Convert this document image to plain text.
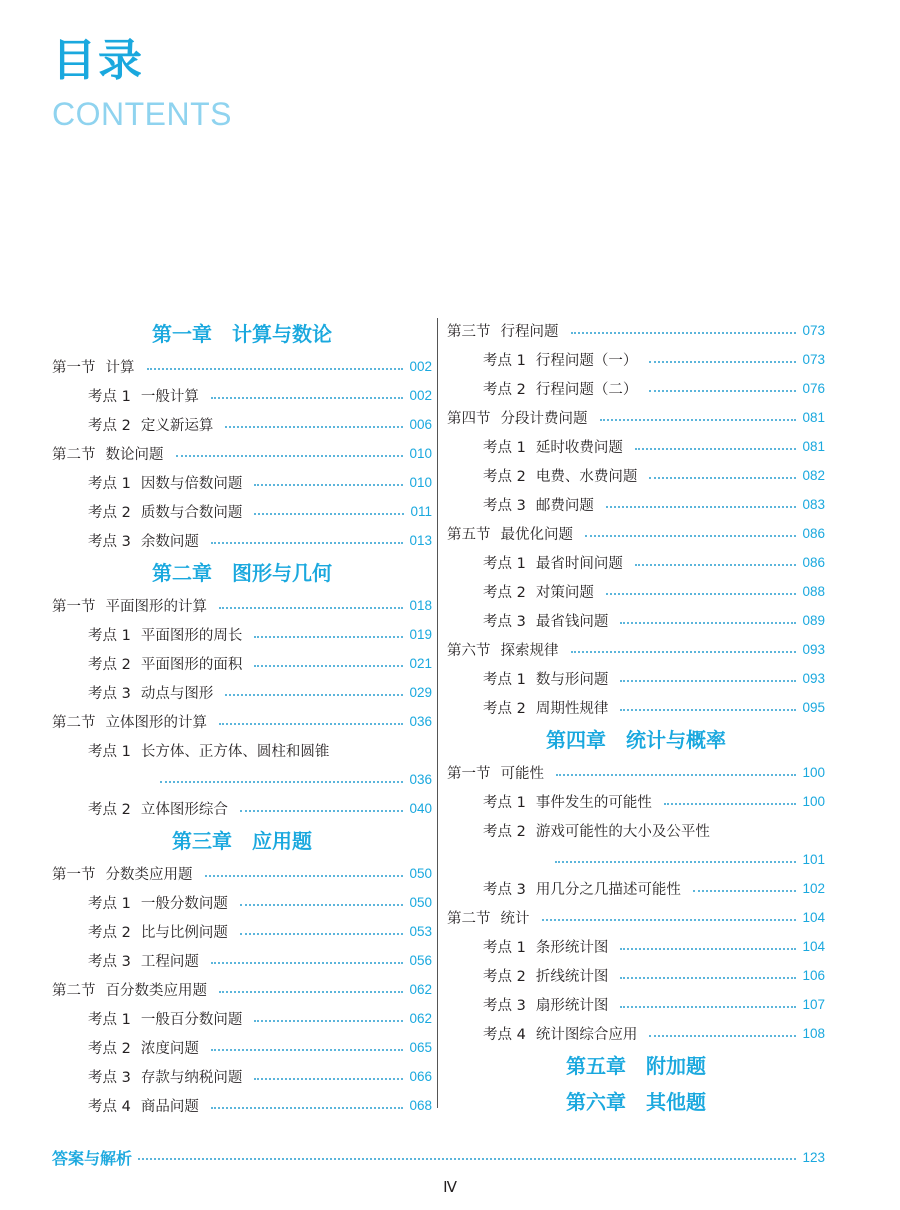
目录
CONTENTS
第一章 计算与数论
第一节 计算	002
考点 1 一般计算	002
考点 2 定义新运算	006
第二节 数论问题	010
考点 1 因数与倍数问题	010
考点 2 质数与合数问题	011
考点 3 余数问题	013
第二章 图形与几何
第一节 平面图形的计算	018
考点 1 平面图形的周长	019
考点 2 平面图形的面积	021
考点 3 动点与图形	029
第二节 立体图形的计算	036
考点 1 长方体、正方体、圆柱和圆锥
036
考点 2 立体图形综合	040
第三章 应用题
第一节 分数类应用题	050
考点 1 一般分数问题	050
考点 2 比与比例问题	053
考点 3 工程问题	056
第二节 百分数类应用题	062
考点 1 一般百分数问题	062
考点 2 浓度问题	065
考点 3 存款与纳税问题	066
考点 4 商品问题	068
第三节 行程问题	073
考点 1 行程问题（一）	073
考点 2 行程问题（二）	076
第四节 分段计费问题	081
考点 1 延时收费问题	081
考点 2 电费、水费问题	082
考点 3 邮费问题	083
第五节 最优化问题	086
考点 1 最省时间问题	086
考点 2 对策问题	088
考点 3 最省钱问题	089
第六节 探索规律	093
考点 1 数与形问题	093
考点 2 周期性规律	095
第四章 统计与概率
第一节 可能性	100
考点 1 事件发生的可能性	100
考点 2 游戏可能性的大小及公平性
101
考点 3 用几分之几描述可能性	102
第二节 统计	104
考点 1 条形统计图	104
考点 2 折线统计图	106
考点 3 扇形统计图	107
考点 4 统计图综合应用	108
第五章 附加题
第六章 其他题
答案与解析	123
Ⅳ
